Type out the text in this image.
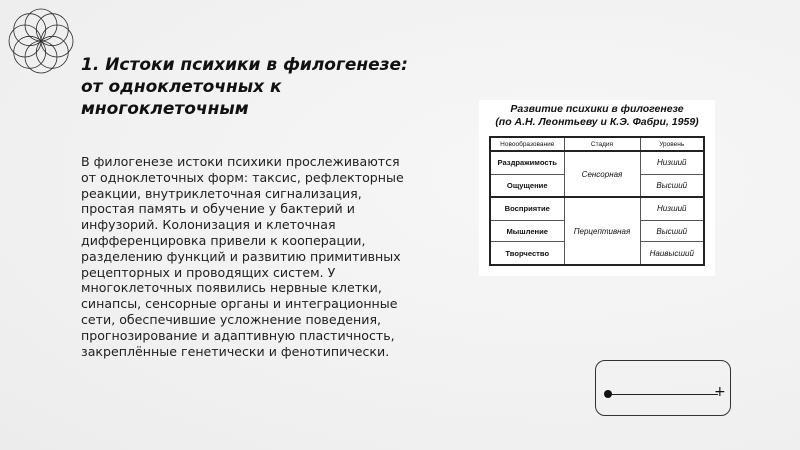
1. Истоки психики в филогенезе: от одноклеточных к многоклеточным

В филогенезе истоки психики прослеживаются от одноклеточных форм: таксис, рефлекторные реакции, внутриклеточная сигнализация, простая память и обучение у бактерий и инфузорий. Колонизация и клеточная дифференцировка привели к кооперации, разделению функций и развитию примитивных рецепторных и проводящих систем. У многоклеточных появились нервные клетки, синапсы, сенсорные органы и интеграционные сети, обеспечившие усложнение поведения, прогнозирование и адаптивную пластичность, закреплённые генетически и фенотипически.

Развитие психики в филогенезе
(по А.Н. Леонтьеву и К.Э. Фабри, 1959)
Новообразование	Стадия	Уровень
Раздражимость	Сенсорная	Низший
Ощущение		Высший
Восприятие	Перцептивная	Низший
Мышление		Высший
Творчество		Наивысший
+
